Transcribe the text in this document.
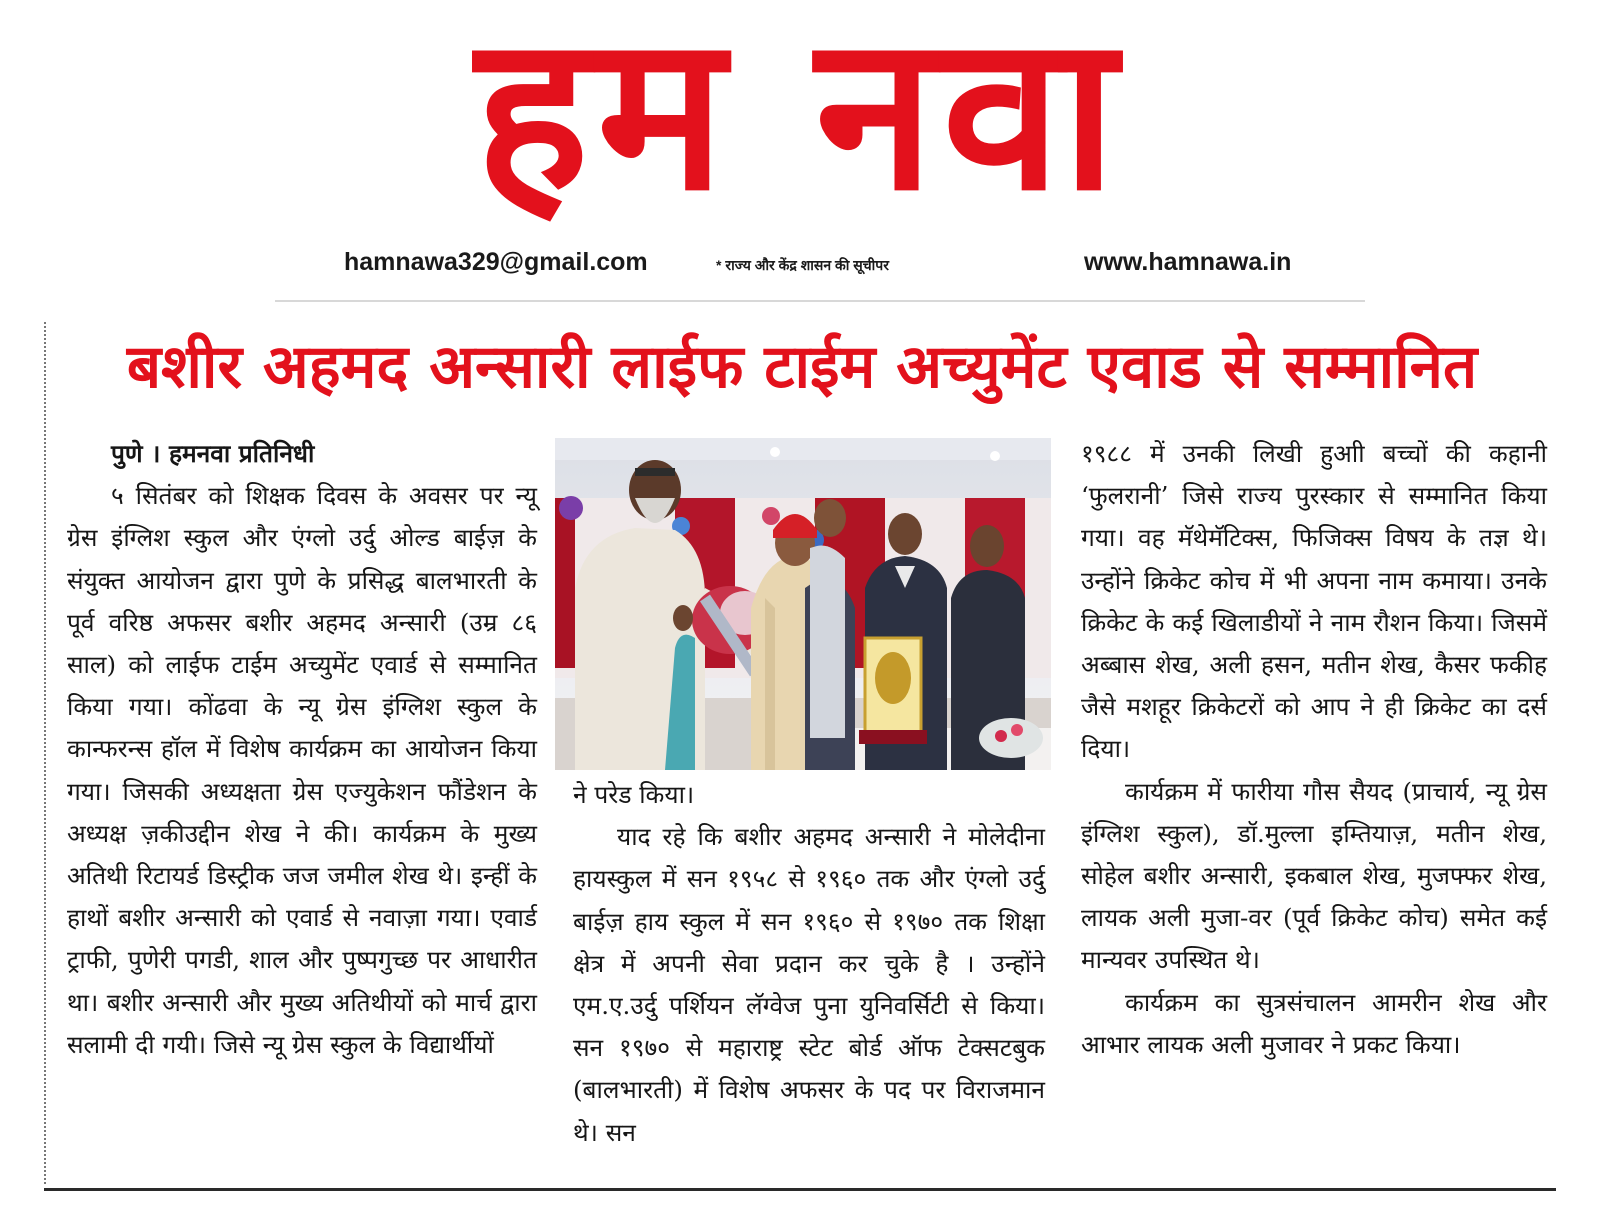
हम नवा
hamnawa329@gmail.com	* राज्य और केंद्र शासन की सूचीपर	www.hamnawa.in
बशीर अहमद अन्सारी लाईफ टाईम अच्युमेंट एवाड से सम्मानित

पुणे । हमनवा प्रतिनिधी

५ सितंबर को शिक्षक दिवस के अवसर पर न्यू ग्रेस इंग्लिश स्कुल और एंग्लो उर्दु ओल्ड बाईज़ के संयुक्त आयोजन द्वारा पुणे के प्रसिद्ध बालभारती के पूर्व वरिष्ठ अफसर बशीर अहमद अन्सारी (उम्र ८६ साल) को लाईफ टाईम अच्युमेंट एवार्ड से सम्मानित किया गया। कोंढवा के न्यू ग्रेस इंग्लिश स्कुल के कान्फरन्स हॉल में विशेष कार्यक्रम का आयोजन किया गया। जिसकी अध्यक्षता ग्रेस एज्युकेशन फौंडेशन के अध्यक्ष ज़कीउद्दीन शेख ने की। कार्यक्रम के मुख्य अतिथी रिटायर्ड डिस्ट्रीक जज जमील शेख थे। इन्हीं के हाथों बशीर अन्सारी को एवार्ड से नवाज़ा गया। एवार्ड ट्राफी, पुणेरी पगडी, शाल और पुष्पगुच्छ पर आधारीत था। बशीर अन्सारी और मुख्य अतिथीयों को मार्च द्वारा सलामी दी गयी। जिसे न्यू ग्रेस स्कुल के विद्यार्थीयों

ने परेड किया।

याद रहे कि बशीर अहमद अन्सारी ने मोलेदीना हायस्कुल में सन १९५८ से १९६० तक और एंग्लो उर्दु बाईज़ हाय स्कुल में सन १९६० से १९७० तक शिक्षा क्षेत्र में अपनी सेवा प्रदान कर चुके है । उन्होंने एम.ए.उर्दु पर्शियन लॅग्वेज पुना युनिवर्सिटी से किया। सन १९७० से महाराष्ट्र स्टेट बोर्ड ऑफ टेक्सटबुक (बालभारती) में विशेष अफसर के पद पर विराजमान थे। सन

१९८८ में उनकी लिखी हुआी बच्चों की कहानी ‘फुलरानी’ जिसे राज्य पुरस्कार से सम्मानित किया गया। वह मॅथेमॅटिक्स, फिजिक्स विषय के तज्ञ थे। उन्होंने क्रिकेट कोच में भी अपना नाम कमाया। उनके क्रिकेट के कई खिलाडीयों ने नाम रौशन किया। जिसमें अब्बास शेख, अली हसन, मतीन शेख, कैसर फकीह जैसे मशहूर क्रिकेटरों को आप ने ही क्रिकेट का दर्स दिया।

कार्यक्रम में फारीया गौस सैयद (प्राचार्य, न्यू ग्रेस इंग्लिश स्कुल), डॉ.मुल्ला इम्तियाज़, मतीन शेख, सोहेल बशीर अन्सारी, इकबाल शेख, मुजफ्फर शेख, लायक अली मुजा-वर (पूर्व क्रिकेट कोच) समेत कई मान्यवर उपस्थित थे।

कार्यक्रम का सुत्रसंचालन आमरीन शेख और आभार लायक अली मुजावर ने प्रकट किया।
